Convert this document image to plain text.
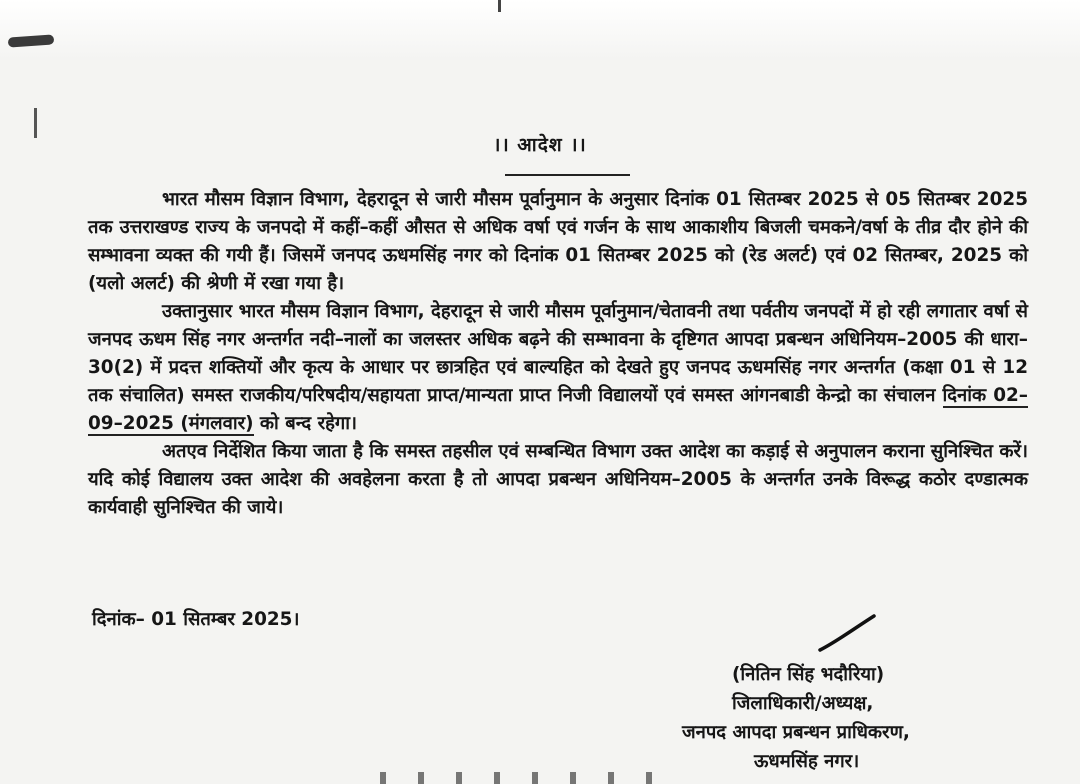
।। आदेश ।।

भारत मौसम विज्ञान विभाग, देहरादून से जारी मौसम पूर्वानुमान के अनुसार दिनांक 01 सितम्बर 2025 से 05 सितम्बर 2025 तक उत्तराखण्ड राज्य के जनपदो में कहीं–कहीं औसत से अधिक वर्षा एवं गर्जन के साथ आकाशीय बिजली चमकने/वर्षा के तीव्र दौर होने की सम्भावना व्यक्त की गयी हैं। जिसमें जनपद ऊधमसिंह नगर को दिनांक 01 सितम्बर 2025 को (रेड अलर्ट) एवं 02 सितम्बर, 2025 को (यलो अलर्ट) की श्रेणी में रखा गया है।

उक्तानुसार भारत मौसम विज्ञान विभाग, देहरादून से जारी मौसम पूर्वानुमान/चेतावनी तथा पर्वतीय जनपदों में हो रही लगातार वर्षा से जनपद ऊधम सिंह नगर अन्तर्गत नदी–नालों का जलस्तर अधिक बढ़ने की सम्भावना के दृष्टिगत आपदा प्रबन्धन अधिनियम–2005 की धारा–30(2) में प्रदत्त शक्तियों और कृत्य के आधार पर छात्रहित एवं बाल्यहित को देखते हुए जनपद ऊधमसिंह नगर अन्तर्गत (कक्षा 01 से 12 तक संचालित) समस्त राजकीय/परिषदीय/सहायता प्राप्त/मान्यता प्राप्त निजी विद्यालयों एवं समस्त आंगनबाडी केन्द्रो का संचालन दिनांक 02–09–2025 (मंगलवार) को बन्द रहेगा।

अतएव निर्देशित किया जाता है कि समस्त तहसील एवं सम्बन्धित विभाग उक्त आदेश का कड़ाई से अनुपालन कराना सुनिश्चित करें। यदि कोई विद्यालय उक्त आदेश की अवहेलना करता है तो आपदा प्रबन्धन अधिनियम–2005 के अन्तर्गत उनके विरूद्ध कठोर दण्डात्मक कार्यवाही सुनिश्चित की जाये।

दिनांक– 01 सितम्बर 2025।
(नितिन सिंह भदौरिया)
जिलाधिकारी/अध्यक्ष,
जनपद आपदा प्रबन्धन प्राधिकरण,
ऊधमसिंह नगर।
